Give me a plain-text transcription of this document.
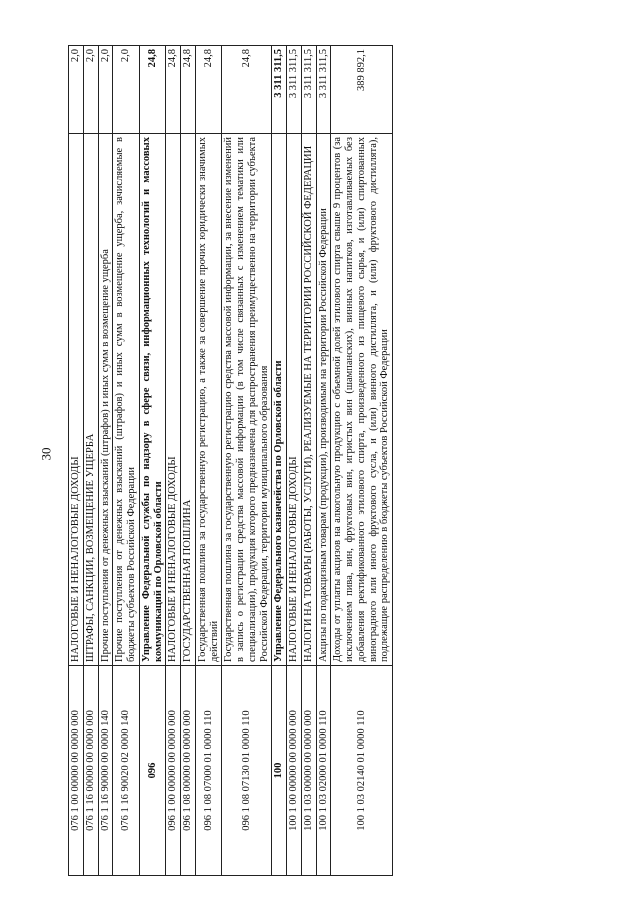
30
076 1 00 00000 00 0000 000	НАЛОГОВЫЕ И НЕНАЛОГОВЫЕ ДОХОДЫ	2,0
076 1 16 00000 00 0000 000	ШТРАФЫ, САНКЦИИ, ВОЗМЕЩЕНИЕ УЩЕРБА	2,0
076 1 16 90000 00 0000 140	Прочие поступления от денежных взысканий (штрафов) и иных сумм в возмещение ущерба	2,0
076 1 16 90020 02 0000 140	Прочие поступления от денежных взысканий (штрафов) и иных сумм в возмещение ущерба, зачисляемые в бюджеты субъектов Российской Федерации	2,0
096	Управление Федеральной службы по надзору в сфере связи, информационных технологий и массовых коммуникаций по Орловской области	24,8
096 1 00 00000 00 0000 000	НАЛОГОВЫЕ И НЕНАЛОГОВЫЕ ДОХОДЫ	24,8
096 1 08 00000 00 0000 000	ГОСУДАРСТВЕННАЯ ПОШЛИНА	24,8
096 1 08 07000 01 0000 110	Государственная пошлина за государственную регистрацию, а также за совершение прочих юридически значимых действий	24,8
096 1 08 07130 01 0000 110	Государственная пошлина за государственную регистрацию средства массовой информации, за внесение изменений в запись о регистрации средства массовой информации (в том числе связанных с изменением тематики или специализации), продукция которого предназначена для распространения преимущественно на территории субъекта Российской Федерации, территории муниципального образования	24,8
100	Управление Федерального казначейства по Орловской области	3 311 311,5
100 1 00 00000 00 0000 000	НАЛОГОВЫЕ И НЕНАЛОГОВЫЕ ДОХОДЫ	3 311 311,5
100 1 03 00000 00 0000 000	НАЛОГИ НА ТОВАРЫ (РАБОТЫ, УСЛУГИ), РЕАЛИЗУЕМЫЕ НА ТЕРРИТОРИИ РОССИЙСКОЙ ФЕДЕРАЦИИ	3 311 311,5
100 1 03 02000 01 0000 110	Акцизы по подакцизным товарам (продукции), производимым на территории Российской Федерации	3 311 311,5
100 1 03 02140 01 0000 110	Доходы от уплаты акцизов на алкогольную продукцию с объемной долей этилового спирта свыше 9 процентов (за исключением пива, вин, фруктовых вин, игристых вин (шампанских), винных напитков, изготавливаемых без добавления ректификованного этилового спирта, произведенного из пищевого сырья, и (или) спиртованных виноградного или иного фруктового сусла, и (или) винного дистиллята, и (или) фруктового дистиллята), подлежащие распределению в бюджеты субъектов Российской Федерации	389 892,1
